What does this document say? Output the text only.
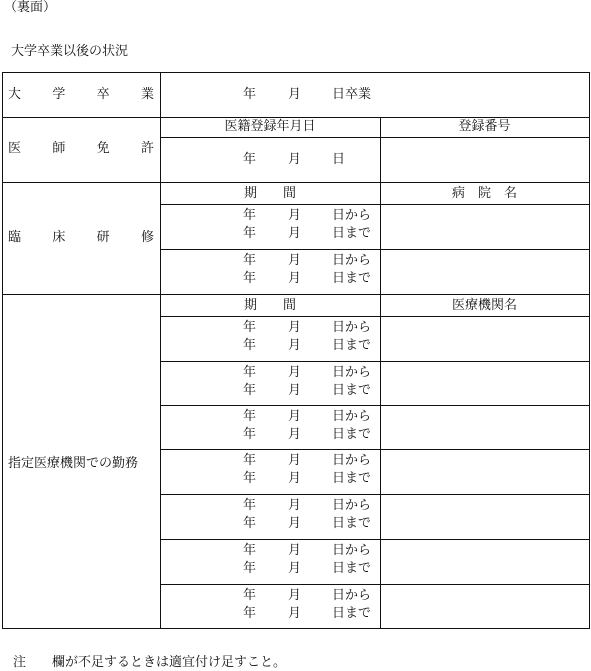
（裏面）
大学卒業以後の状況
大 学 卒 業	年 月 日卒業
医 師 免 許
医籍登録年月日	登録番号
年 月 日
臨 床 研 修
期　　間	病　院　名
年 月 日から
年 月 日まで
年 月 日から
年 月 日まで
指定医療機関での勤務
期　　間	医療機関名
年 月 日から
年 月 日まで
年 月 日から
年 月 日まで
年 月 日から
年 月 日まで
年 月 日から
年 月 日まで
年 月 日から
年 月 日まで
年 月 日から
年 月 日まで
年 月 日から
年 月 日まで
注 欄が不足するときは適宜付け足すこと。
